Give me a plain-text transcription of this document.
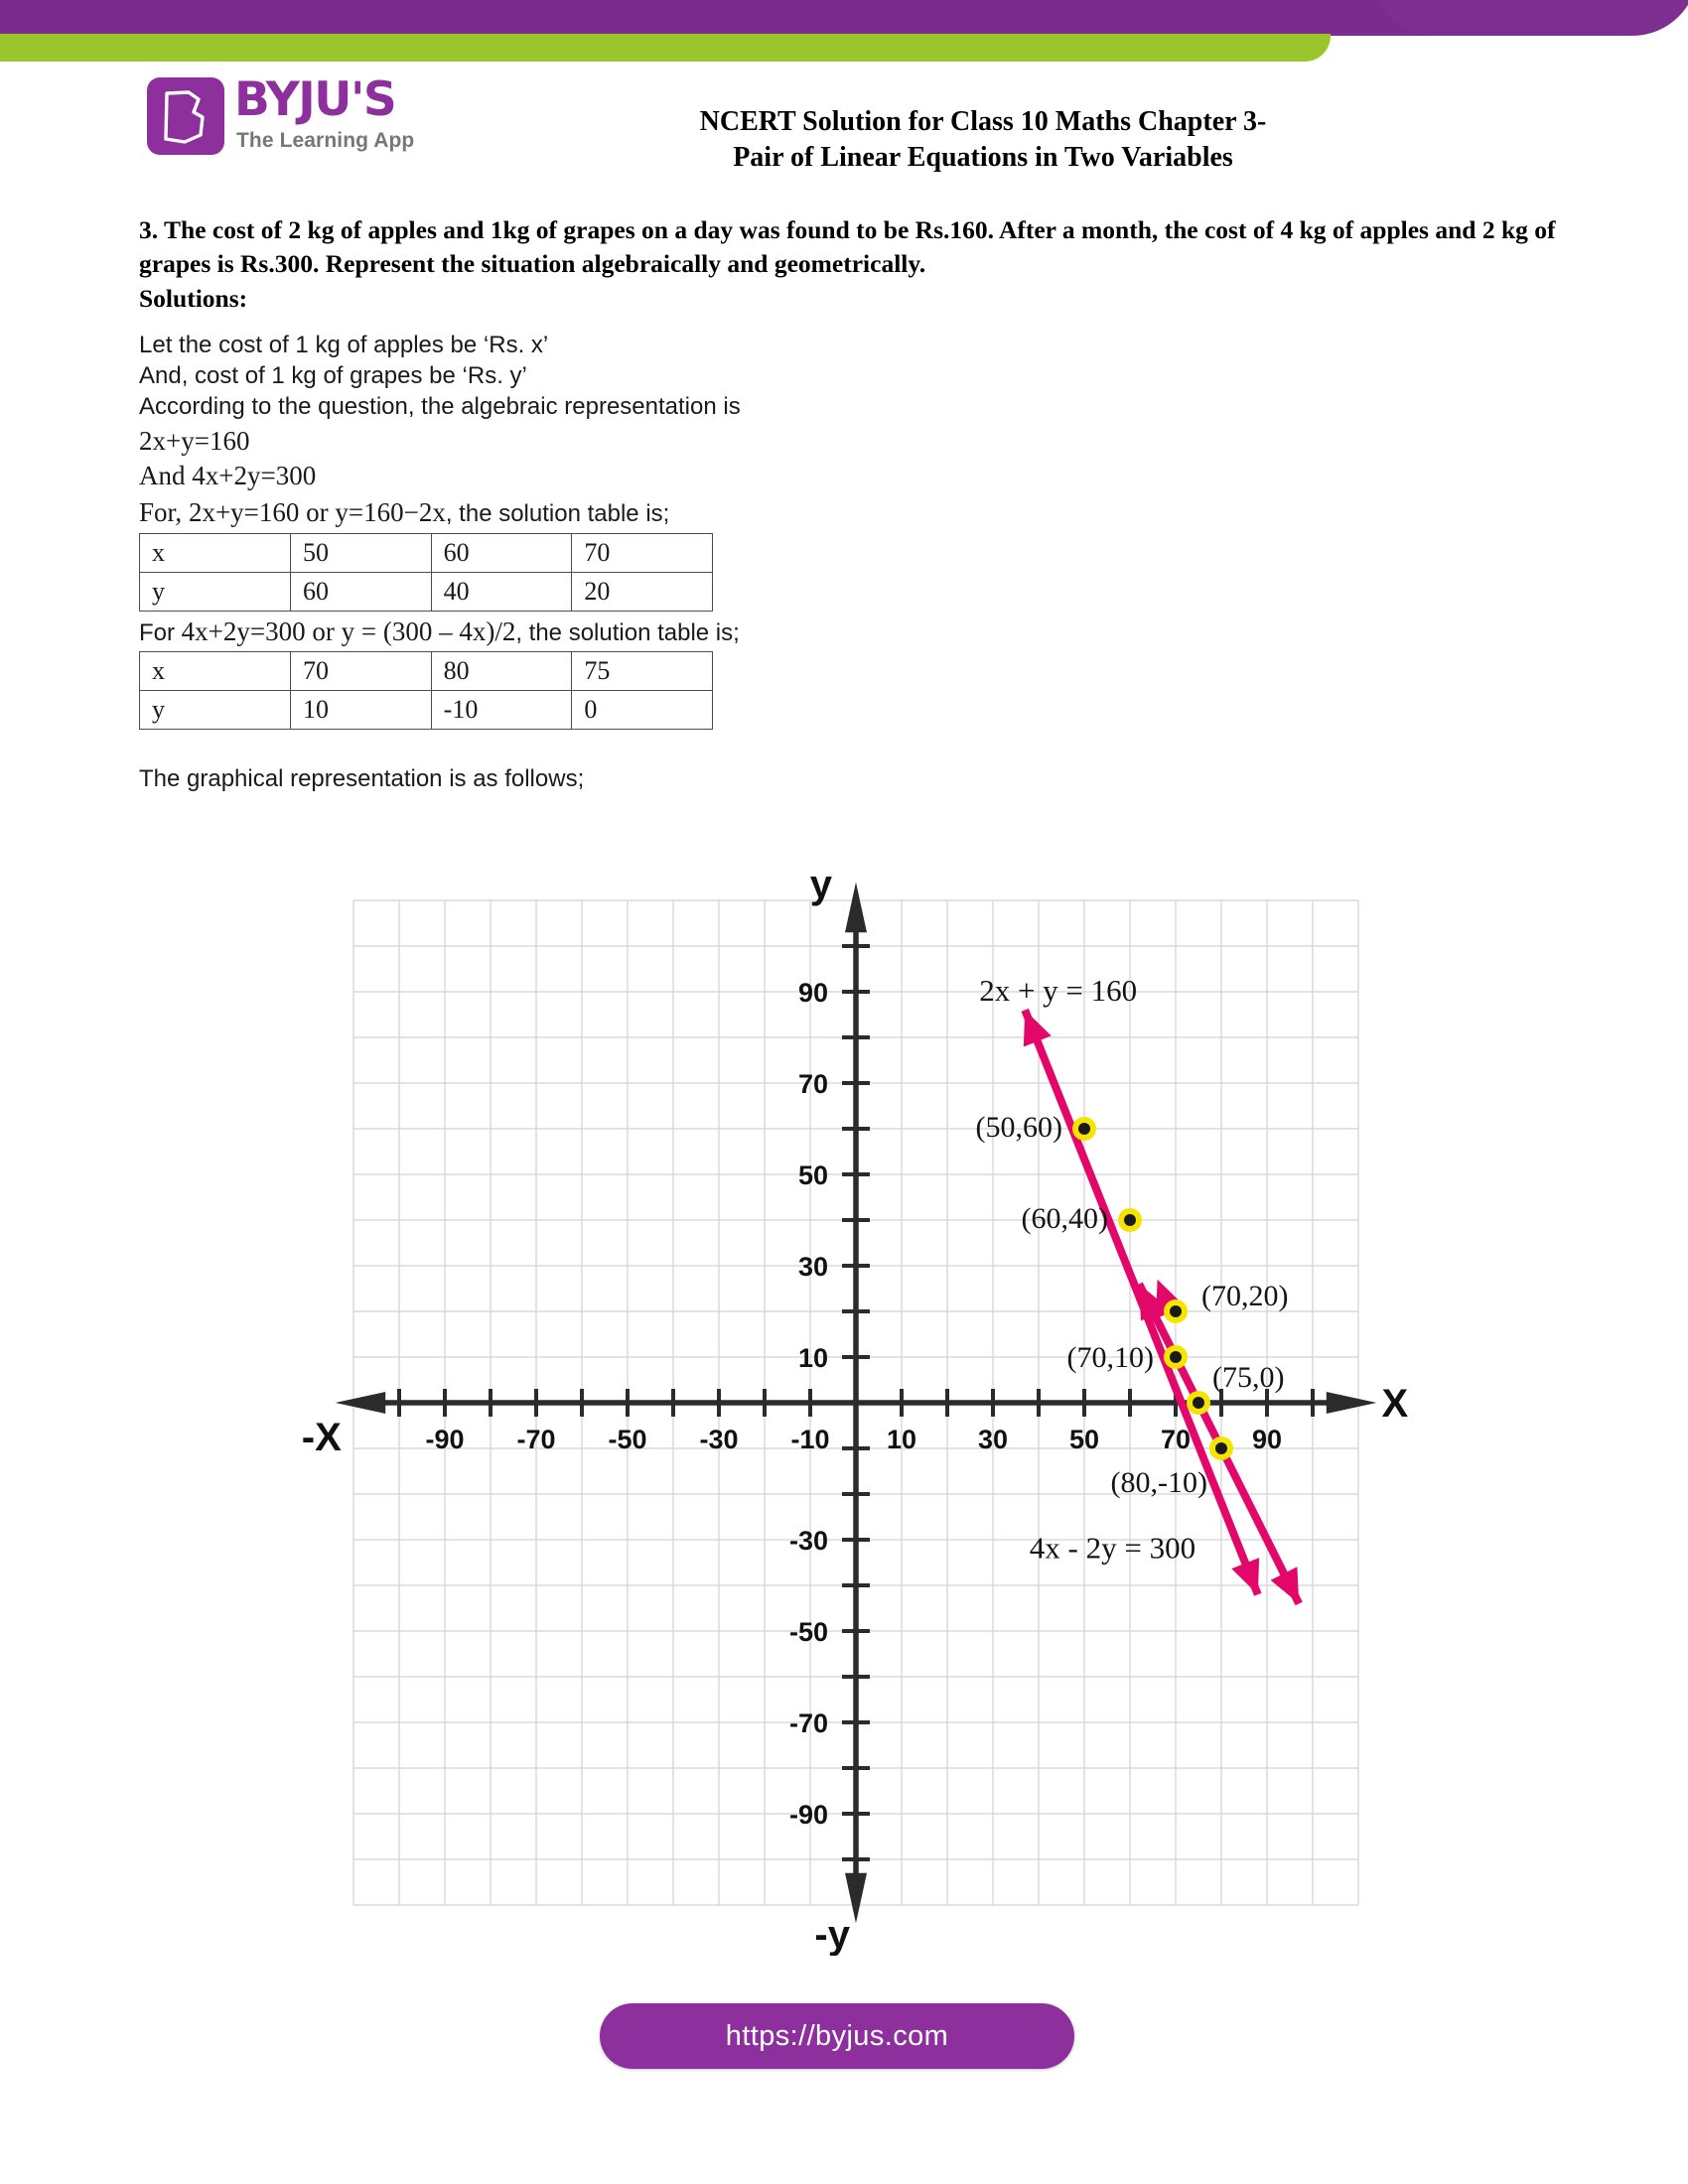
BYJU'S
The Learning App
NCERT Solution for Class 10 Maths Chapter 3-
Pair of Linear Equations in Two Variables

3. The cost of 2 kg of apples and 1kg of grapes on a day was found to be Rs.160. After a month, the cost of 4 kg of apples and 2 kg of grapes is Rs.300. Represent the situation algebraically and geometrically.

Solutions:
Let the cost of 1 kg of apples be ‘Rs. x’
And, cost of 1 kg of grapes be ‘Rs. y’
According to the question, the algebraic representation is
2x+y=160
And 4x+2y=300
For, 2x+y=160 or y=160−2x, the solution table is;
x	50	60	70
y	60	40	20
For 4x+2y=300 or y = (300 – 4x)/2, the solution table is;
x	70	80	75
y	10	-10	0
The graphical representation is as follows;
-90 -70 -50 -30 -10 10 30 50 70 90
90
70
50
30
10
-30
-50
-70
-90
-X
X
y
-y
(50,60)
(60,40)
(70,20)
(70,10)
(75,0)
(80,-10)
2x + y = 160
4x - 2y = 300
https://byjus.com
